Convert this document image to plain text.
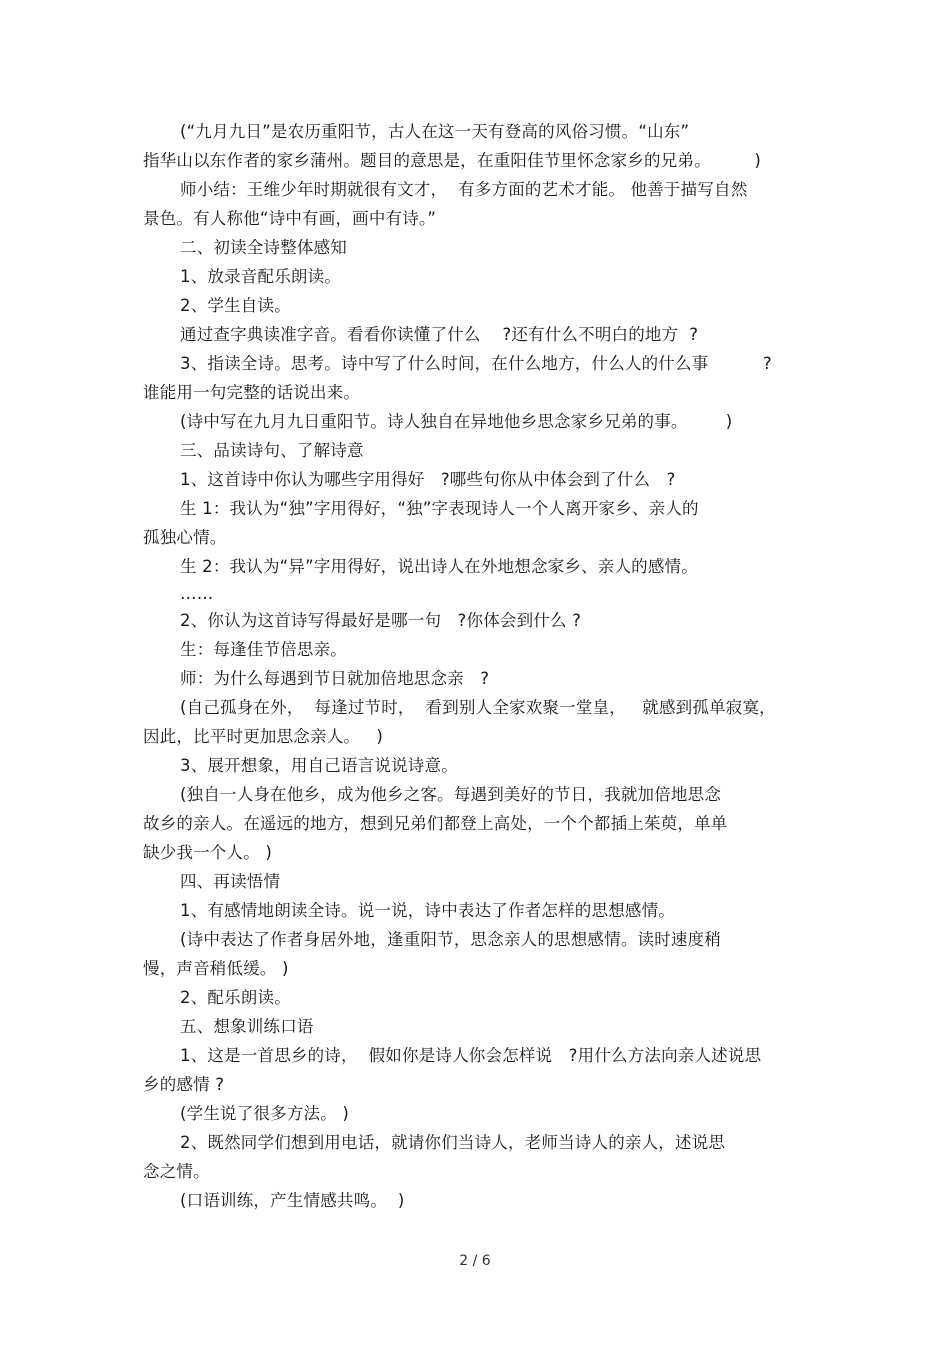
(“九月九日”是农历重阳节，古人在这一天有登高的风俗习惯。“山东”
指华山以东作者的家乡蒲州。题目的意思是，在重阳佳节里怀念家乡的兄弟。        )
师小结：王维少年时期就很有文才，  有多方面的艺术才能。 他善于描写自然
景色。有人称他“诗中有画，画中有诗。”
二、初读全诗整体感知
1、放录音配乐朗读。
2、学生自读。
通过查字典读准字音。看看你读懂了什么    ?还有什么不明白的地方  ?
3、指读全诗。思考。诗中写了什么时间，在什么地方，什么人的什么事          ?
谁能用一句完整的话说出来。
(诗中写在九月九日重阳节。诗人独自在异地他乡思念家乡兄弟的事。       )
三、品读诗句、了解诗意
1、这首诗中你认为哪些字用得好   ?哪些句你从中体会到了什么   ?
生 1：我认为“独”字用得好，“独”字表现诗人一个人离开家乡、亲人的
孤独心情。
生 2：我认为“异”字用得好，说出诗人在外地想念家乡、亲人的感情。
……
2、你认为这首诗写得最好是哪一句   ?你体会到什么 ?
生：每逢佳节倍思亲。
师：为什么每遇到节日就加倍地思念亲   ?
(自己孤身在外，  每逢过节时，  看到别人全家欢聚一堂皇，   就感到孤单寂寞，
因此，比平时更加思念亲人。   )
3、展开想象，用自己语言说说诗意。
(独自一人身在他乡，成为他乡之客。每遇到美好的节日，我就加倍地思念
故乡的亲人。在遥远的地方，想到兄弟们都登上高处，一个个都插上茱萸，单单
缺少我一个人。 )
四、再读悟情
1、有感情地朗读全诗。说一说，诗中表达了作者怎样的思想感情。
(诗中表达了作者身居外地，逢重阳节，思念亲人的思想感情。读时速度稍
慢，声音稍低缓。 )
2、配乐朗读。
五、想象训练口语
1、这是一首思乡的诗，  假如你是诗人你会怎样说   ?用什么方法向亲人述说思
乡的感情 ?
(学生说了很多方法。 )
2、既然同学们想到用电话，就请你们当诗人，老师当诗人的亲人，述说思
念之情。
(口语训练，产生情感共鸣。  )
2 / 6
